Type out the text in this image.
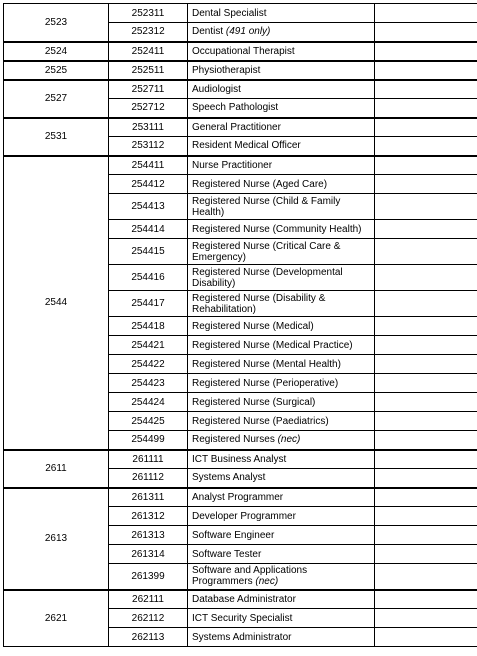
2523	252311	Dental Specialist	
	252312	Dentist (491 only)	
2524	252411	Occupational Therapist	
2525	252511	Physiotherapist	
2527	252711	Audiologist	
	252712	Speech Pathologist	
2531	253111	General Practitioner	
	253112	Resident Medical Officer	
2544	254411	Nurse Practitioner	
	254412	Registered Nurse (Aged Care)	
	254413	Registered Nurse (Child & Family Health)	
	254414	Registered Nurse (Community Health)	
	254415	Registered Nurse (Critical Care & Emergency)	
	254416	Registered Nurse (Developmental Disability)	
	254417	Registered Nurse (Disability & Rehabilitation)	
	254418	Registered Nurse (Medical)	
	254421	Registered Nurse (Medical Practice)	
	254422	Registered Nurse (Mental Health)	
	254423	Registered Nurse (Perioperative)	
	254424	Registered Nurse (Surgical)	
	254425	Registered Nurse (Paediatrics)	
	254499	Registered Nurses (nec)	
2611	261111	ICT Business Analyst	
	261112	Systems Analyst	
2613	261311	Analyst Programmer	
	261312	Developer Programmer	
	261313	Software Engineer	
	261314	Software Tester	
	261399	Software and Applications Programmers (nec)	
2621	262111	Database Administrator	
	262112	ICT Security Specialist	
	262113	Systems Administrator	
